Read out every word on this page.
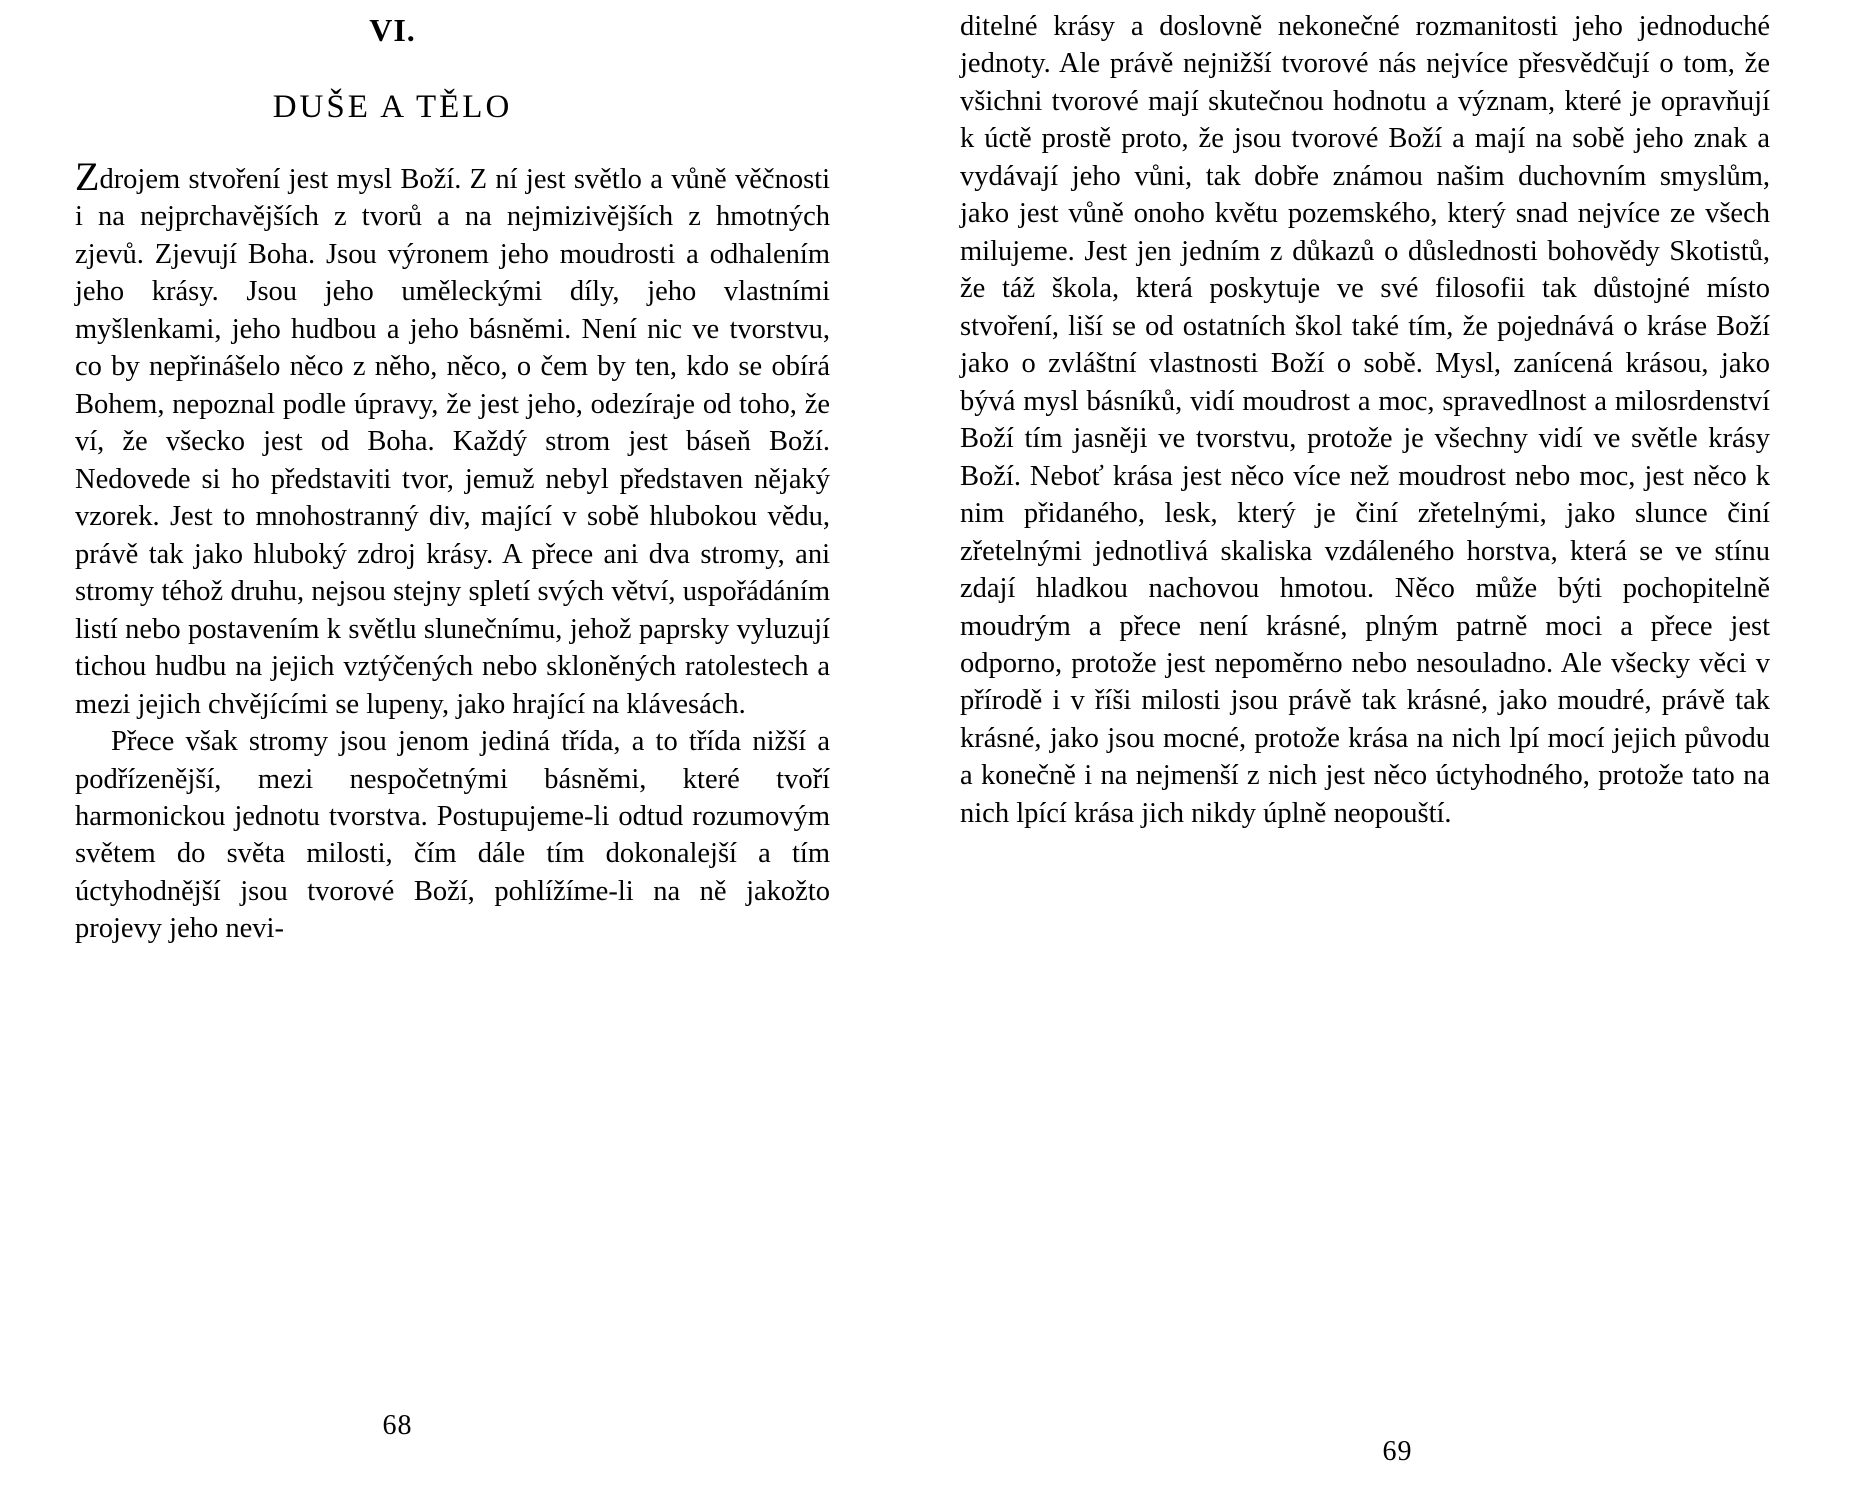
VI.
DUŠE A TĚLO

Zdrojem stvoření jest mysl Boží. Z ní jest světlo a vůně věčnosti i na nejprchavějších z tvorů a na nejmizivějších z hmotných zjevů. Zjevují Boha. Jsou výronem jeho moudrosti a odhalením jeho krásy. Jsou jeho uměleckými díly, jeho vlastními myšlenkami, jeho hudbou a jeho básněmi. Není nic ve tvorstvu, co by nepřinášelo něco z něho, něco, o čem by ten, kdo se obírá Bohem, nepoznal podle úpravy, že jest jeho, odezíraje od toho, že ví, že všecko jest od Boha. Každý strom jest báseň Boží. Nedovede si ho představiti tvor, jemuž nebyl představen nějaký vzorek. Jest to mnohostranný div, mající v sobě hlubokou vědu, právě tak jako hluboký zdroj krásy. A přece ani dva stromy, ani stromy téhož druhu, nejsou stejny spletí svých větví, uspořádáním listí nebo postavením k světlu slunečnímu, jehož paprsky vyluzují tichou hudbu na jejich vztýčených nebo skloněných ratolestech a mezi jejich chvějícími se lupeny, jako hrající na klávesách.

Přece však stromy jsou jenom jediná třída, a to třída nižší a podřízenější, mezi nespočetnými básněmi, které tvoří harmonickou jednotu tvorstva. Postupujeme-li odtud rozumovým světem do světa milosti, čím dále tím dokonalejší a tím úctyhodnější jsou tvorové Boží, pohlížíme-li na ně jakožto projevy jeho nevi-

68

ditelné krásy a doslovně nekonečné rozmanitosti jeho jednoduché jednoty. Ale právě nejnižší tvorové nás nejvíce přesvědčují o tom, že všichni tvorové mají skutečnou hodnotu a význam, které je opravňují k úctě prostě proto, že jsou tvorové Boží a mají na sobě jeho znak a vydávají jeho vůni, tak dobře známou našim duchovním smyslům, jako jest vůně onoho květu pozemského, který snad nejvíce ze všech milujeme. Jest jen jedním z důkazů o důslednosti bohovědy Skotistů, že táž škola, která poskytuje ve své filosofii tak důstojné místo stvoření, liší se od ostatních škol také tím, že pojednává o kráse Boží jako o zvláštní vlastnosti Boží o sobě. Mysl, zanícená krásou, jako bývá mysl básníků, vidí moudrost a moc, spravedlnost a milosrdenství Boží tím jasněji ve tvorstvu, protože je všechny vidí ve světle krásy Boží. Neboť krása jest něco více než moudrost nebo moc, jest něco k nim přidaného, lesk, který je činí zřetelnými, jako slunce činí zřetelnými jednotlivá skaliska vzdáleného horstva, která se ve stínu zdají hladkou nachovou hmotou. Něco může býti pochopitelně moudrým a přece není krásné, plným patrně moci a přece jest odporno, protože jest nepoměrno nebo nesouladno. Ale všecky věci v přírodě i v říši milosti jsou právě tak krásné, jako moudré, právě tak krásné, jako jsou mocné, protože krása na nich lpí mocí jejich původu a konečně i na nejmenší z nich jest něco úctyhodného, protože tato na nich lpící krása jich nikdy úplně neopouští.

69
